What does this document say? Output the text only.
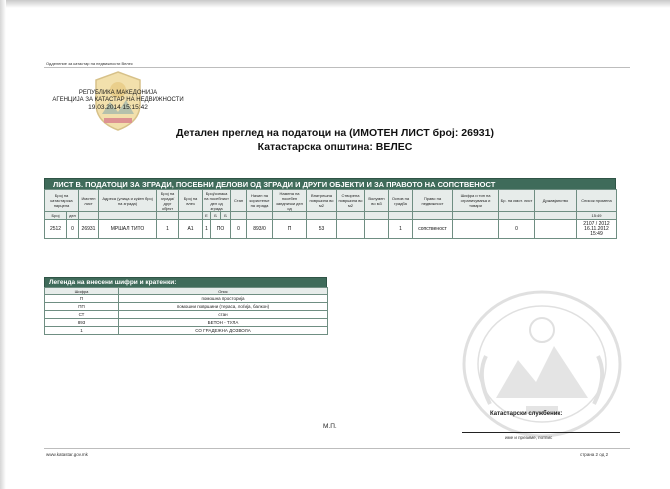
Одделение за катастар на недвижности Велес
РЕПУБЛИКА МАКЕДОНИЈА
АГЕНЦИЈА ЗА КАТАСТАР НА НЕДВИЖНОСТИ
19.03.2014 15:15:42
Детален преглед на податоци на (ИМОТЕН ЛИСТ број: 26931)
Катастарска општина: ВЕЛЕС
ЛИСТ В. ПОДАТОЦИ ЗА ЗГРАДИ, ПОСЕБНИ ДЕЛОВИ ОД ЗГРАДИ И ДРУГИ ОБЈЕКТИ И ЗА ПРАВОТО НА СОПСТВЕНОСТ
Број на катастарска парцела		Имотен лист	Адреса (улица и куќен број на зграда)	Број на зграда/друг објект	Број на влез	Број/ознака на посебниот дел од зграда			Стан	Начин на користење на зграда	Намена на посебен заеднички дел од	Внатрешна површина во м2	Створена површина во м2	Волумен во м3	Основ на градба	Право на недвижност	Шифра и тип на ограничувања и товари	Бр. на имот. лист	Државјанство	Список промена
Број	дел					Е	Б	Б												15:49
2512	0	26931	МРШАЛ ТИТО	1	А1	1	ПО		0	893/0	П	53			1	сопственост		0		2107 / 2012 16.11.2012 15:49
Легенда на внесени шифри и кратенки:
Шифра	Опис
П	помошна просторија
ПП	помошни површини (тераса, лоѓија, балкон)
СТ	стан
893	БЕТОН - ТУЛА
1	СО ГРАДЕЖНА ДОЗВОЛА
М.П.
Катастарски службеник:
име и презиме, потпис
www.katastar.gov.mk	страна 2 од 2
